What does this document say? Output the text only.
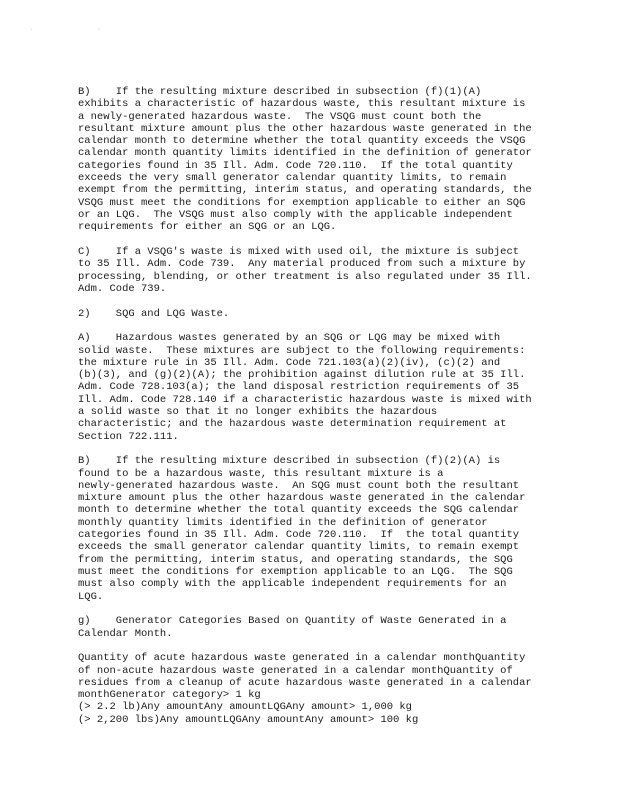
' '
B)    If the resulting mixture described in subsection (f)(1)(A)
exhibits a characteristic of hazardous waste, this resultant mixture is
a newly-generated hazardous waste.  The VSQG must count both the
resultant mixture amount plus the other hazardous waste generated in the
calendar month to determine whether the total quantity exceeds the VSQG
calendar month quantity limits identified in the definition of generator
categories found in 35 Ill. Adm. Code 720.110.  If the total quantity
exceeds the very small generator calendar quantity limits, to remain
exempt from the permitting, interim status, and operating standards, the
VSQG must meet the conditions for exemption applicable to either an SQG
or an LQG.  The VSQG must also comply with the applicable independent
requirements for either an SQG or an LQG.
C)    If a VSQG's waste is mixed with used oil, the mixture is subject
to 35 Ill. Adm. Code 739.  Any material produced from such a mixture by
processing, blending, or other treatment is also regulated under 35 Ill.
Adm. Code 739.
2)    SQG and LQG Waste.
A)    Hazardous wastes generated by an SQG or LQG may be mixed with
solid waste.  These mixtures are subject to the following requirements:
the mixture rule in 35 Ill. Adm. Code 721.103(a)(2)(iv), (c)(2) and
(b)(3), and (g)(2)(A); the prohibition against dilution rule at 35 Ill.
Adm. Code 728.103(a); the land disposal restriction requirements of 35
Ill. Adm. Code 728.140 if a characteristic hazardous waste is mixed with
a solid waste so that it no longer exhibits the hazardous
characteristic; and the hazardous waste determination requirement at
Section 722.111.
B)    If the resulting mixture described in subsection (f)(2)(A) is
found to be a hazardous waste, this resultant mixture is a
newly-generated hazardous waste.  An SQG must count both the resultant
mixture amount plus the other hazardous waste generated in the calendar
month to determine whether the total quantity exceeds the SQG calendar
monthly quantity limits identified in the definition of generator
categories found in 35 Ill. Adm. Code 720.110.  If  the total quantity
exceeds the small generator calendar quantity limits, to remain exempt
from the permitting, interim status, and operating standards, the SQG
must meet the conditions for exemption applicable to an LQG.  The SQG
must also comply with the applicable independent requirements for an
LQG.
g)    Generator Categories Based on Quantity of Waste Generated in a
Calendar Month.
Quantity of acute hazardous waste generated in a calendar monthQuantity
of non-acute hazardous waste generated in a calendar monthQuantity of
residues from a cleanup of acute hazardous waste generated in a calendar
monthGenerator category> 1 kg
(> 2.2 lb)Any amountAny amountLQGAny amount> 1,000 kg
(> 2,200 lbs)Any amountLQGAny amountAny amount> 100 kg
